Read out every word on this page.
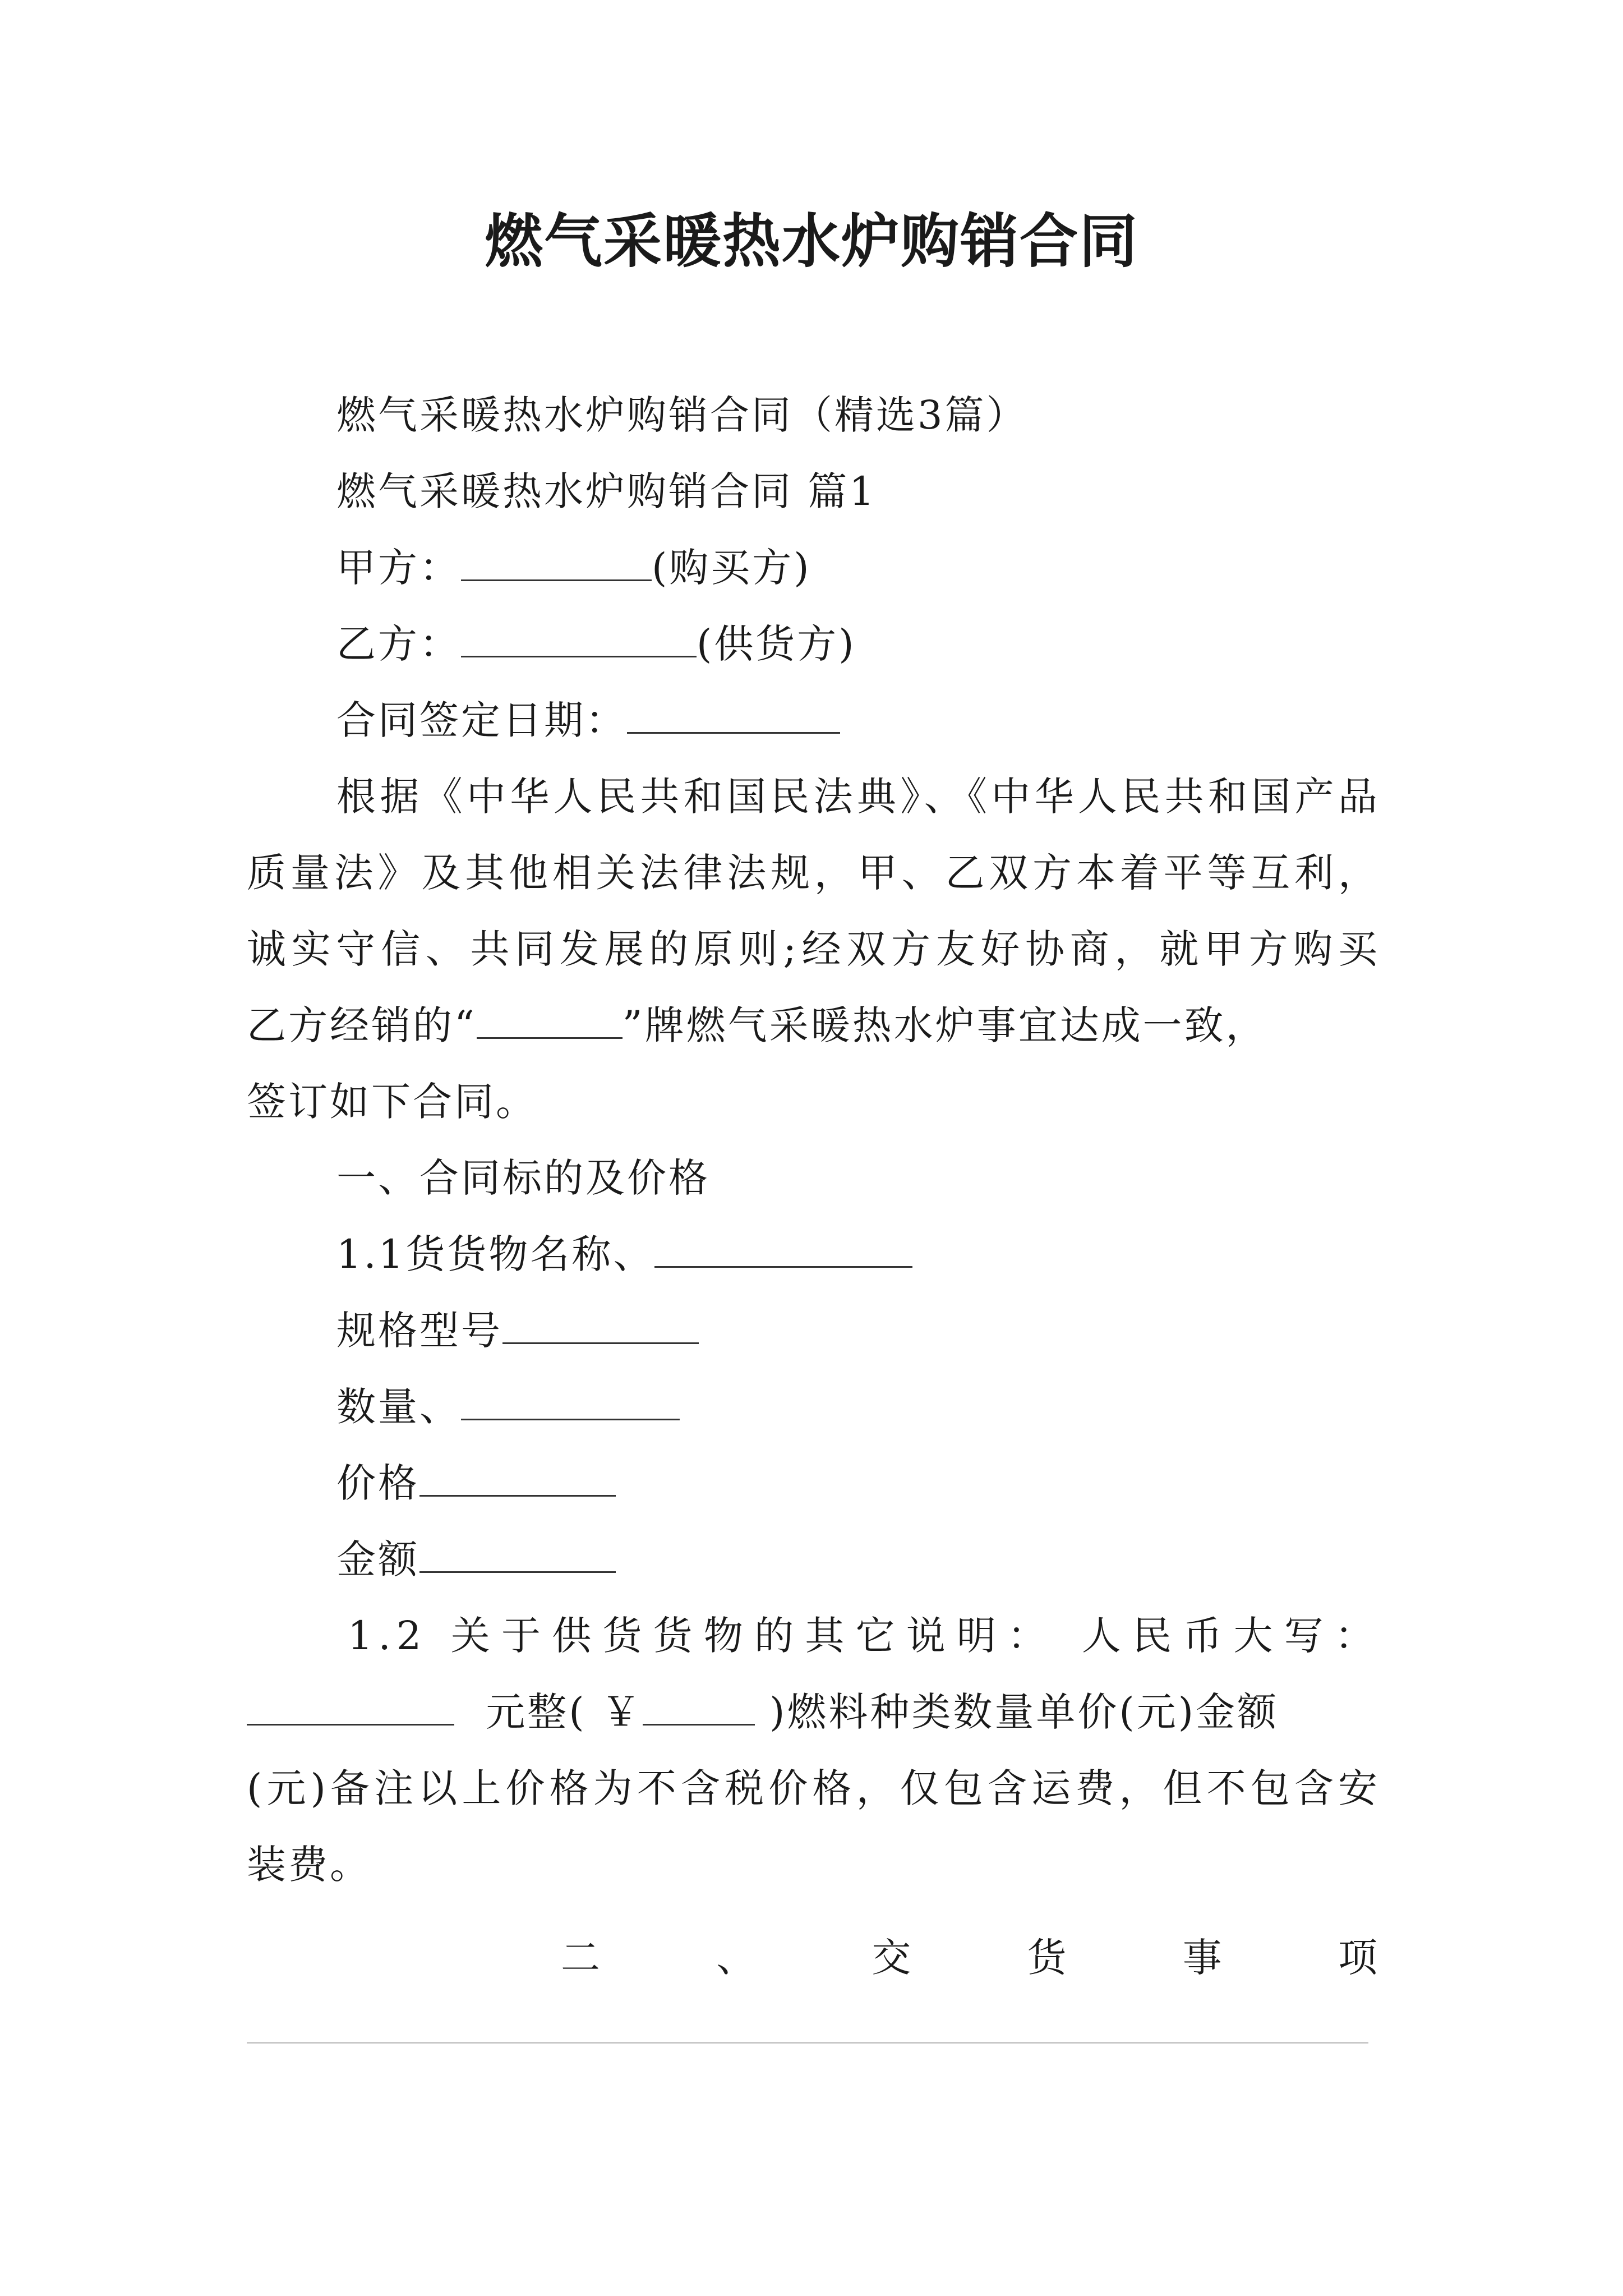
燃气采暖热水炉购销合同
燃气采暖热水炉购销合同（精选3篇）
燃气采暖热水炉购销合同 篇1
甲方：	(购买方)
乙方：	(供货方)
合同签定日期：
根据《中华人民共和国民法典》、《中华人民共和国产品
质量法》及其他相关法律法规，甲、乙双方本着平等互利，
诚实守信、共同发展的原则;经双方友好协商，就甲方购买
乙方经销的“	”牌燃气采暖热水炉事宜达成一致，
签订如下合同。
一、合同标的及价格
1.1货货物名称、
规格型号
数量、
价格
金额
1.2 关于供货货物的其它说明： 人民币大写：
元整( ￥	)燃料种类数量单价(元)金额
(元)备注以上价格为不含税价格，仅包含运费，但不包含安
装费。
二	、	交	货	事	项
